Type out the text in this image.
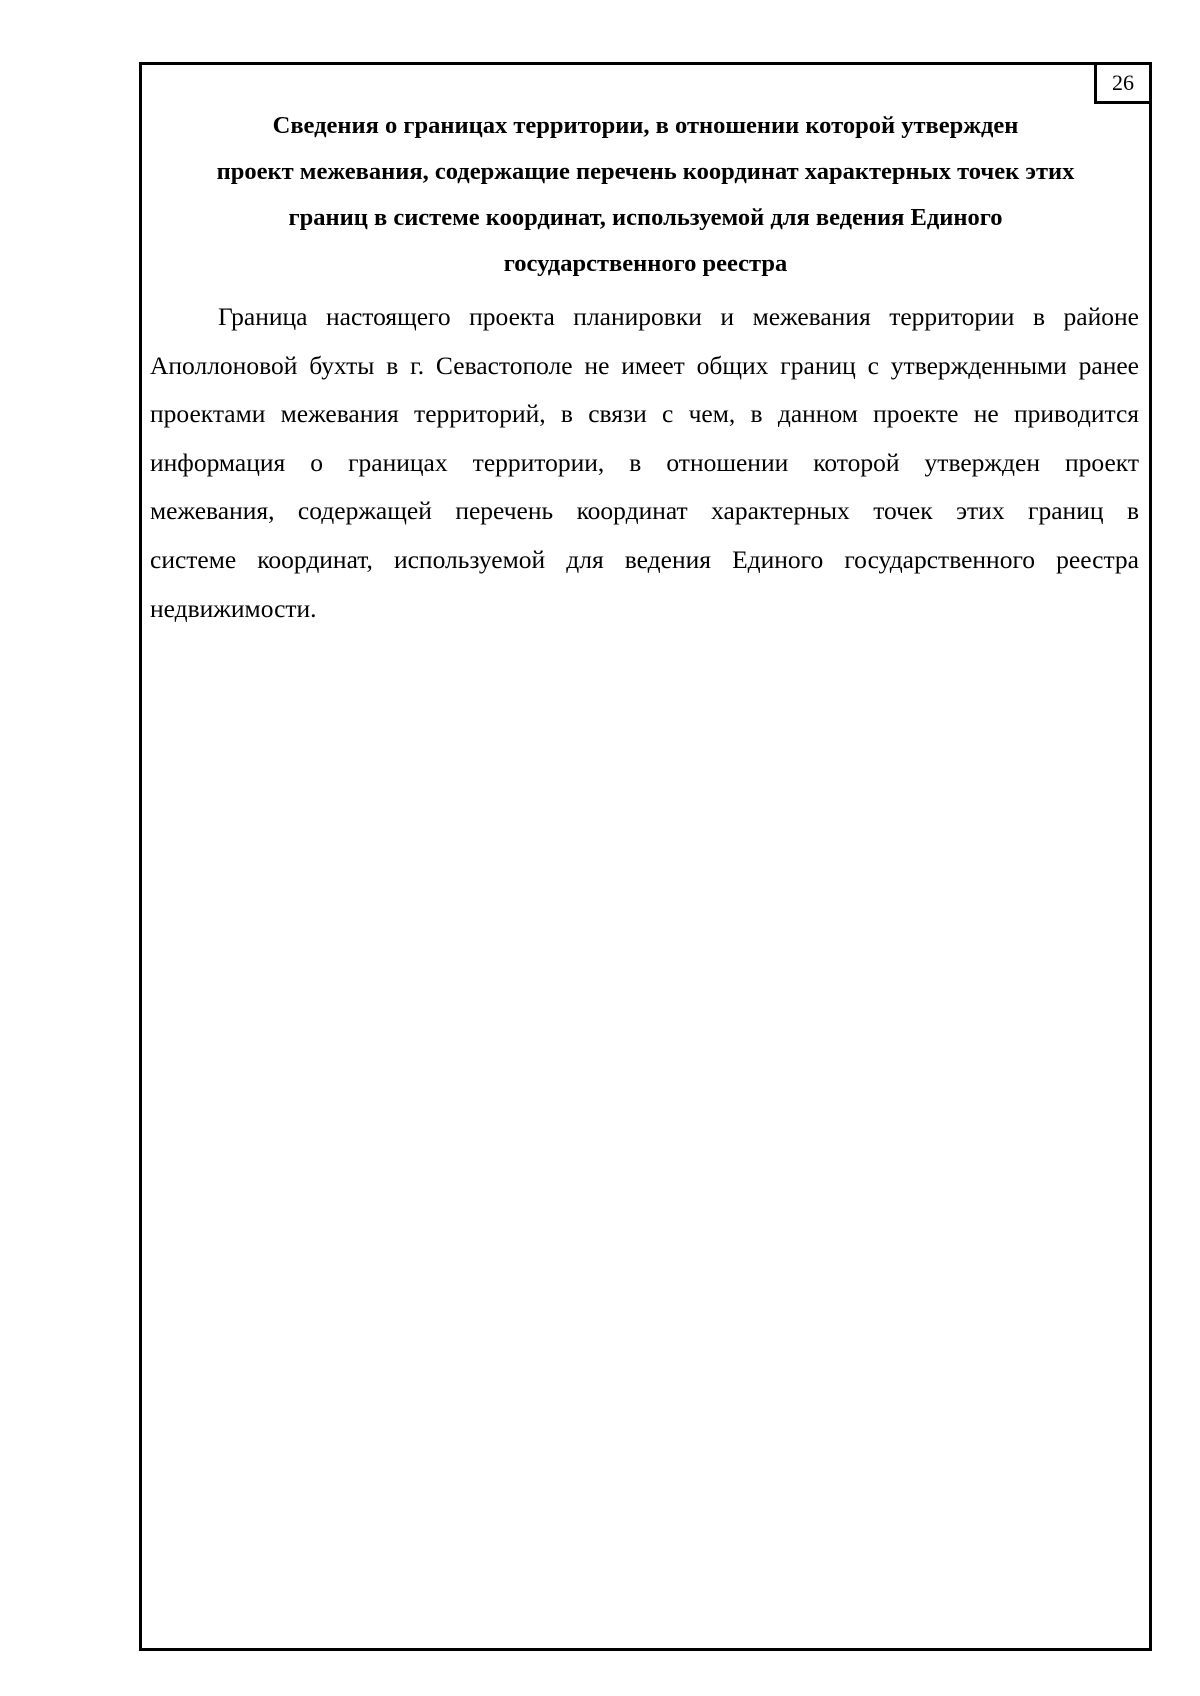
26
Сведения о границах территории, в отношении которой утвержден
проект межевания, содержащие перечень координат характерных точек этих
границ в системе координат, используемой для ведения Единого
государственного реестра
Граница настоящего проекта планировки и межевания территории в районе
Аполлоновой бухты в г. Севастополе не имеет общих границ с утвержденными ранее
проектами межевания территорий, в связи с чем, в данном проекте не приводится
информация о границах территории, в отношении которой утвержден проект
межевания, содержащей перечень координат характерных точек этих границ в
системе координат, используемой для ведения Единого государственного реестра
недвижимости.
